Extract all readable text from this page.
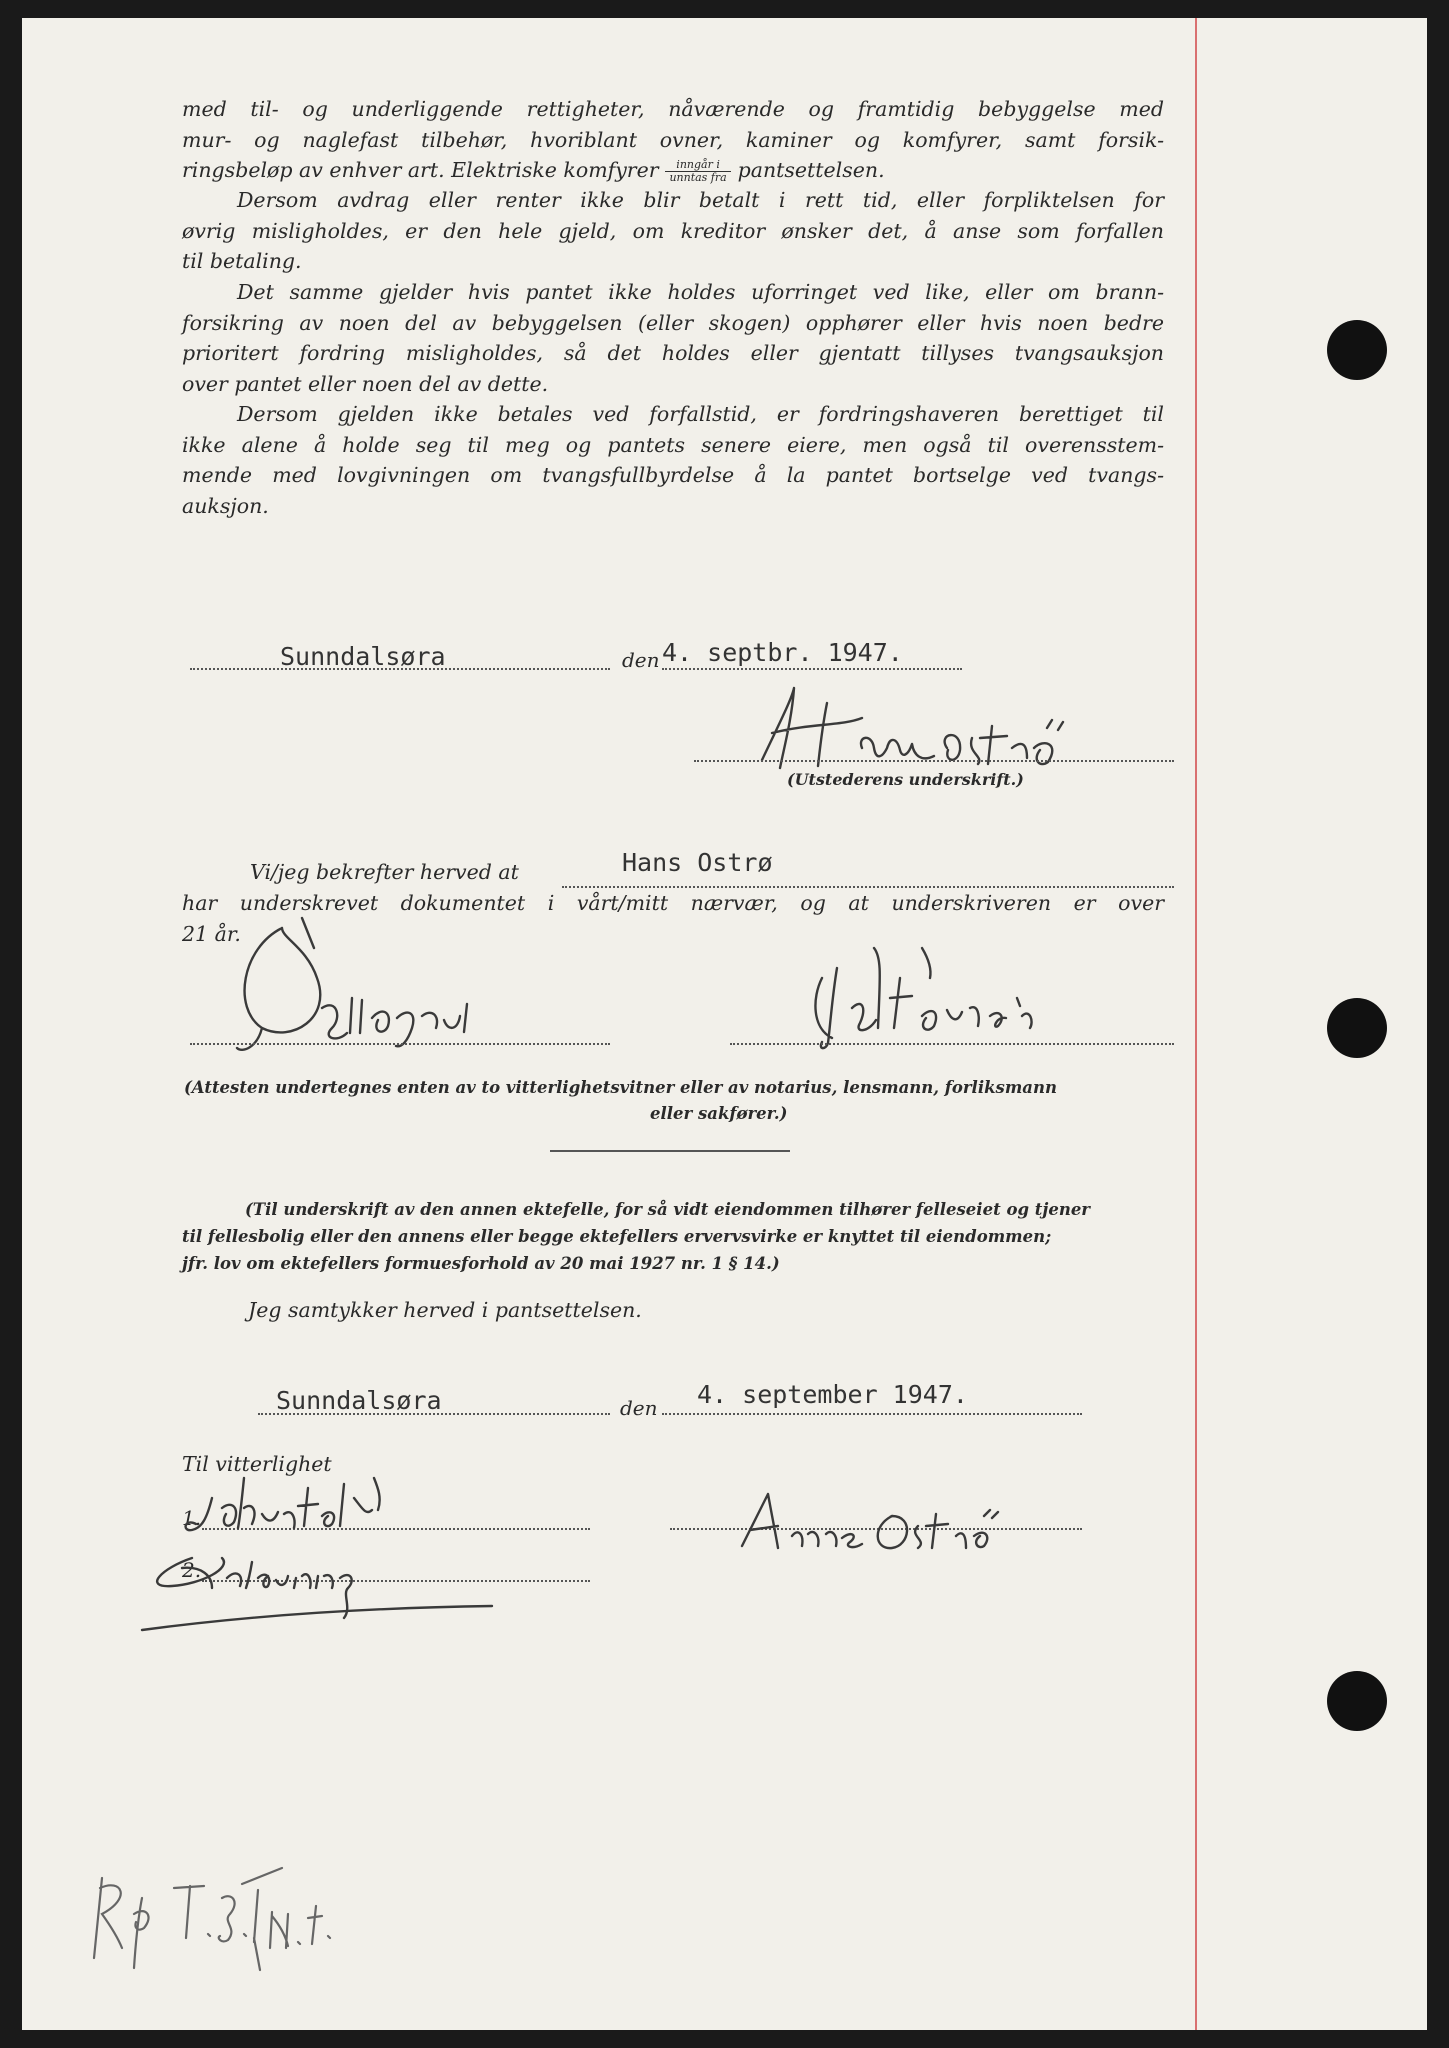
med til- og underliggende rettigheter, nåværende og framtidig bebyggelse med
mur- og naglefast tilbehør, hvoriblant ovner, kaminer og komfyrer, samt forsik-
ringsbeløp av enhver art. Elektriske komfyrer $\frac{\text{inngår i}}{\text{unntas fra}}$ pantsettelsen.
Dersom avdrag eller renter ikke blir betalt i rett tid, eller forpliktelsen for
øvrig misligholdes, er den hele gjeld, om kreditor ønsker det, å anse som forfallen
til betaling.
Det samme gjelder hvis pantet ikke holdes uforringet ved like, eller om brann-
forsikring av noen del av bebyggelsen (eller skogen) opphører eller hvis noen bedre
prioritert fordring misligholdes, så det holdes eller gjentatt tillyses tvangsauksjon
over pantet eller noen del av dette.
Dersom gjelden ikke betales ved forfallstid, er fordringshaveren berettiget til
ikke alene å holde seg til meg og pantets senere eiere, men også til overensstem-
mende med lovgivningen om tvangsfullbyrdelse å la pantet bortselge ved tvangs-
auksjon.
Sunndalsøra	den 4. septbr. 1947.
(Utstederens underskrift.)
Vi/jeg bekrefter herved at	Hans Ostrø
har underskrevet dokumentet i vårt/mitt nærvær, og at underskriveren er over
21 år.
(Attesten undertegnes enten av to vitterlighetsvitner eller av notarius, lensmann, forliksmann
eller sakfører.)
(Til underskrift av den annen ektefelle, for så vidt eiendommen tilhører felleseiet og tjener
til fellesbolig eller den annens eller begge ektefellers ervervsvirke er knyttet til eiendommen;
jfr. lov om ektefellers formuesforhold av 20 mai 1927 nr. 1 § 14.)
Jeg samtykker herved i pantsettelsen.
Sunndalsøra	den 4. september 1947.
Til vitterlighet
1.
2.
